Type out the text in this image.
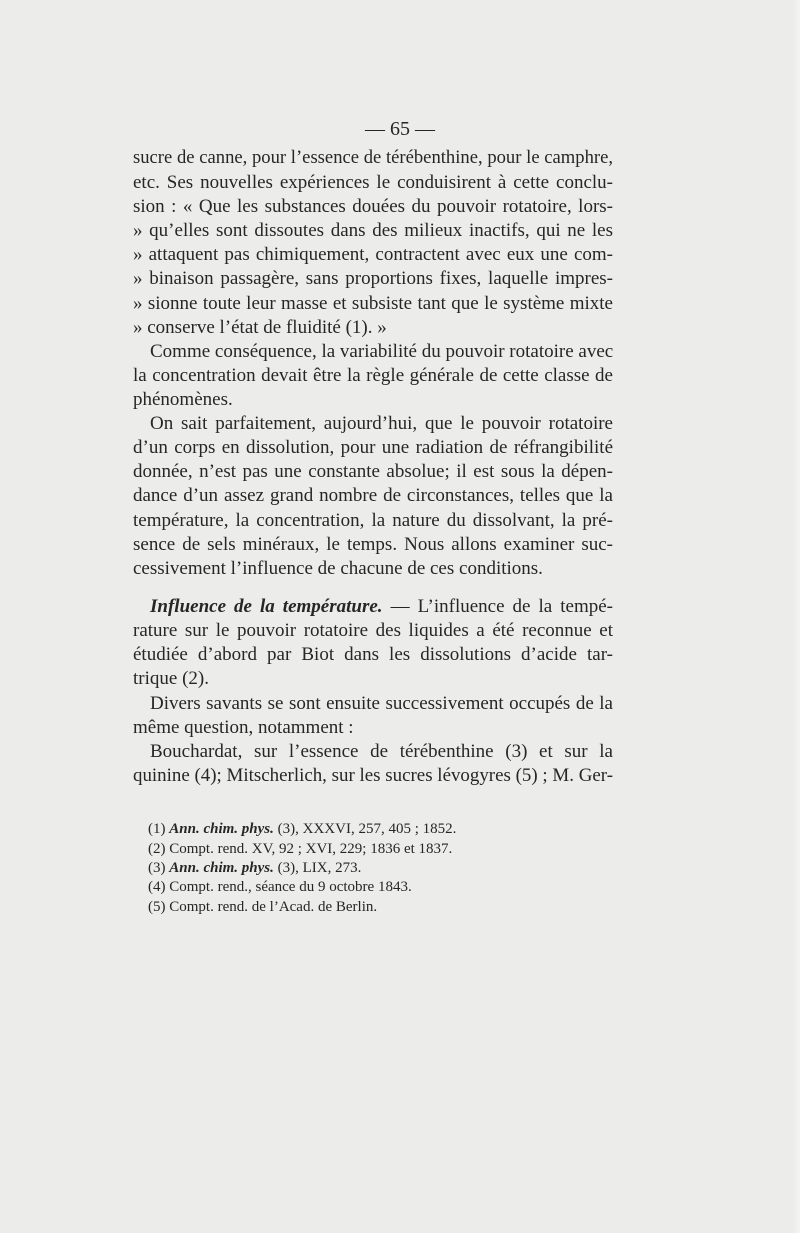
— 65 —
sucre de canne, pour l’essence de térébenthine, pour le camphre,
etc. Ses nouvelles expériences le conduisirent à cette conclu-
sion : « Que les substances douées du pouvoir rotatoire, lors-
» qu’elles sont dissoutes dans des milieux inactifs, qui ne les
» attaquent pas chimiquement, contractent avec eux une com-
» binaison passagère, sans proportions fixes, laquelle impres-
» sionne toute leur masse et subsiste tant que le système mixte
» conserve l’état de fluidité (1). »
Comme conséquence, la variabilité du pouvoir rotatoire avec
la concentration devait être la règle générale de cette classe de
phénomènes.
On sait parfaitement, aujourd’hui, que le pouvoir rotatoire
d’un corps en dissolution, pour une radiation de réfrangibilité
donnée, n’est pas une constante absolue; il est sous la dépen-
dance d’un assez grand nombre de circonstances, telles que la
température, la concentration, la nature du dissolvant, la pré-
sence de sels minéraux, le temps. Nous allons examiner suc-
cessivement l’influence de chacune de ces conditions.
Influence de la température. — L’influence de la tempé-
rature sur le pouvoir rotatoire des liquides a été reconnue et
étudiée d’abord par Biot dans les dissolutions d’acide tar-
trique (2).
Divers savants se sont ensuite successivement occupés de la
même question, notamment :
Bouchardat, sur l’essence de térébenthine (3) et sur la
quinine (4); Mitscherlich, sur les sucres lévogyres (5) ; M. Ger-
(1) Ann. chim. phys. (3), XXXVI, 257, 405 ; 1852.
(2) Compt. rend. XV, 92 ; XVI, 229; 1836 et 1837.
(3) Ann. chim. phys. (3), LIX, 273.
(4) Compt. rend., séance du 9 octobre 1843.
(5) Compt. rend. de l’Acad. de Berlin.
